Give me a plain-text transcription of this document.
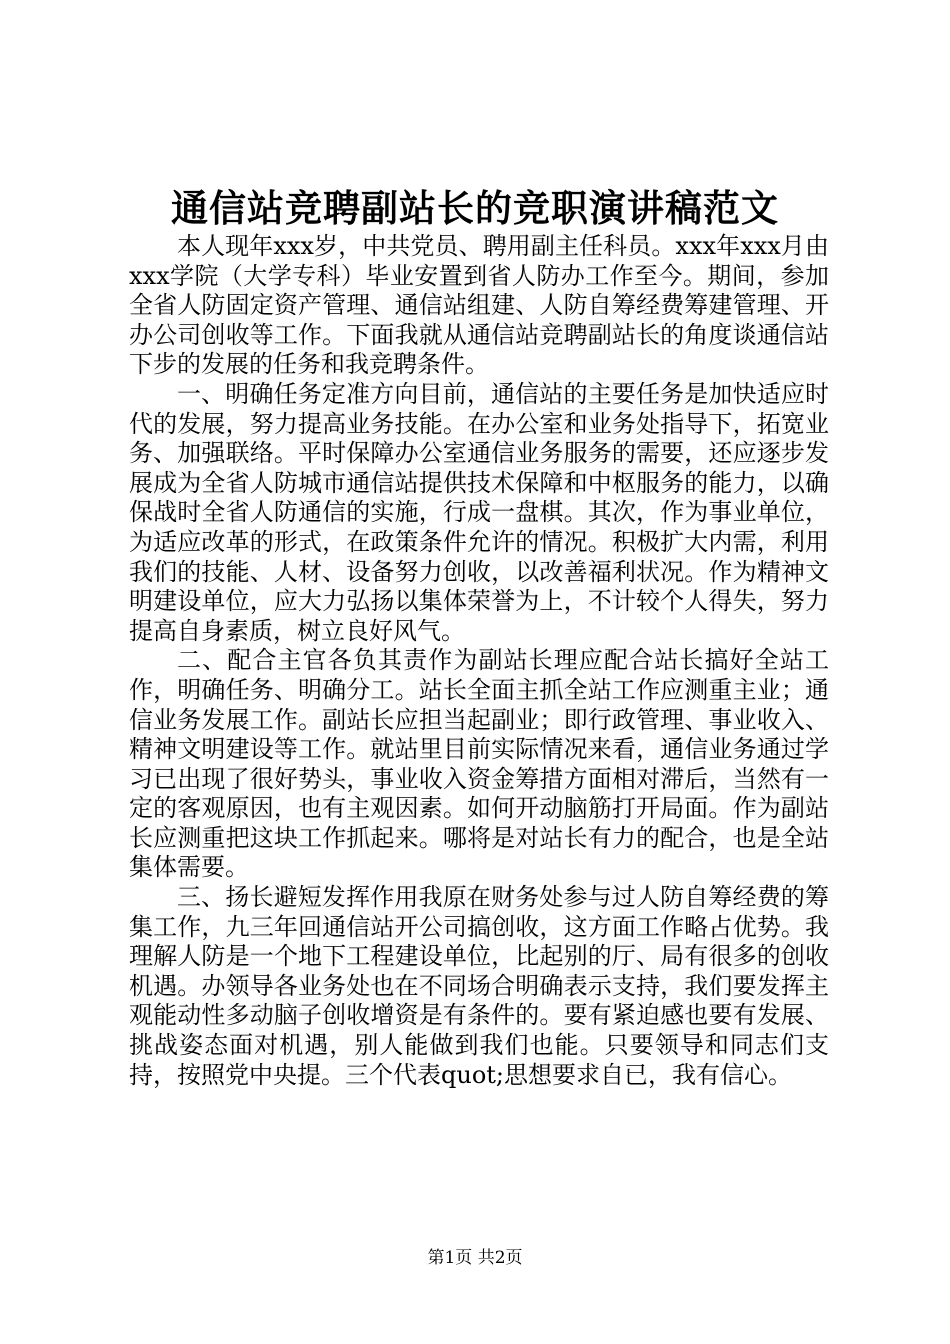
通信站竞聘副站长的竞职演讲稿范文

本人现年xxx岁，中共党员、聘用副主任科员。xxx年xxx月由xxx学院（大学专科）毕业安置到省人防办工作至今。期间，参加全省人防固定资产管理、通信站组建、人防自筹经费筹建管理、开办公司创收等工作。下面我就从通信站竞聘副站长的角度谈通信站下步的发展的任务和我竞聘条件。

一、明确任务定准方向目前，通信站的主要任务是加快适应时代的发展，努力提高业务技能。在办公室和业务处指导下，拓宽业务、加强联络。平时保障办公室通信业务服务的需要，还应逐步发展成为全省人防城市通信站提供技术保障和中枢服务的能力，以确保战时全省人防通信的实施，行成一盘棋。其次，作为事业单位，为适应改革的形式，在政策条件允许的情况。积极扩大内需，利用我们的技能、人材、设备努力创收，以改善福利状况。作为精神文明建设单位，应大力弘扬以集体荣誉为上，不计较个人得失，努力提高自身素质，树立良好风气。

二、配合主官各负其责作为副站长理应配合站长搞好全站工作，明确任务、明确分工。站长全面主抓全站工作应测重主业；通信业务发展工作。副站长应担当起副业；即行政管理、事业收入、精神文明建设等工作。就站里目前实际情况来看，通信业务通过学习已出现了很好势头，事业收入资金筹措方面相对滞后，当然有一定的客观原因，也有主观因素。如何开动脑筋打开局面。作为副站长应测重把这块工作抓起来。哪将是对站长有力的配合，也是全站集体需要。

三、扬长避短发挥作用我原在财务处参与过人防自筹经费的筹集工作，九三年回通信站开公司搞创收，这方面工作略占优势。我理解人防是一个地下工程建设单位，比起别的厅、局有很多的创收机遇。办领导各业务处也在不同场合明确表示支持，我们要发挥主观能动性多动脑子创收增资是有条件的。要有紧迫感也要有发展、挑战姿态面对机遇，别人能做到我们也能。只要领导和同志们支持，按照党中央提。三个代表quot;思想要求自已，我有信心。

第1页 共2页
